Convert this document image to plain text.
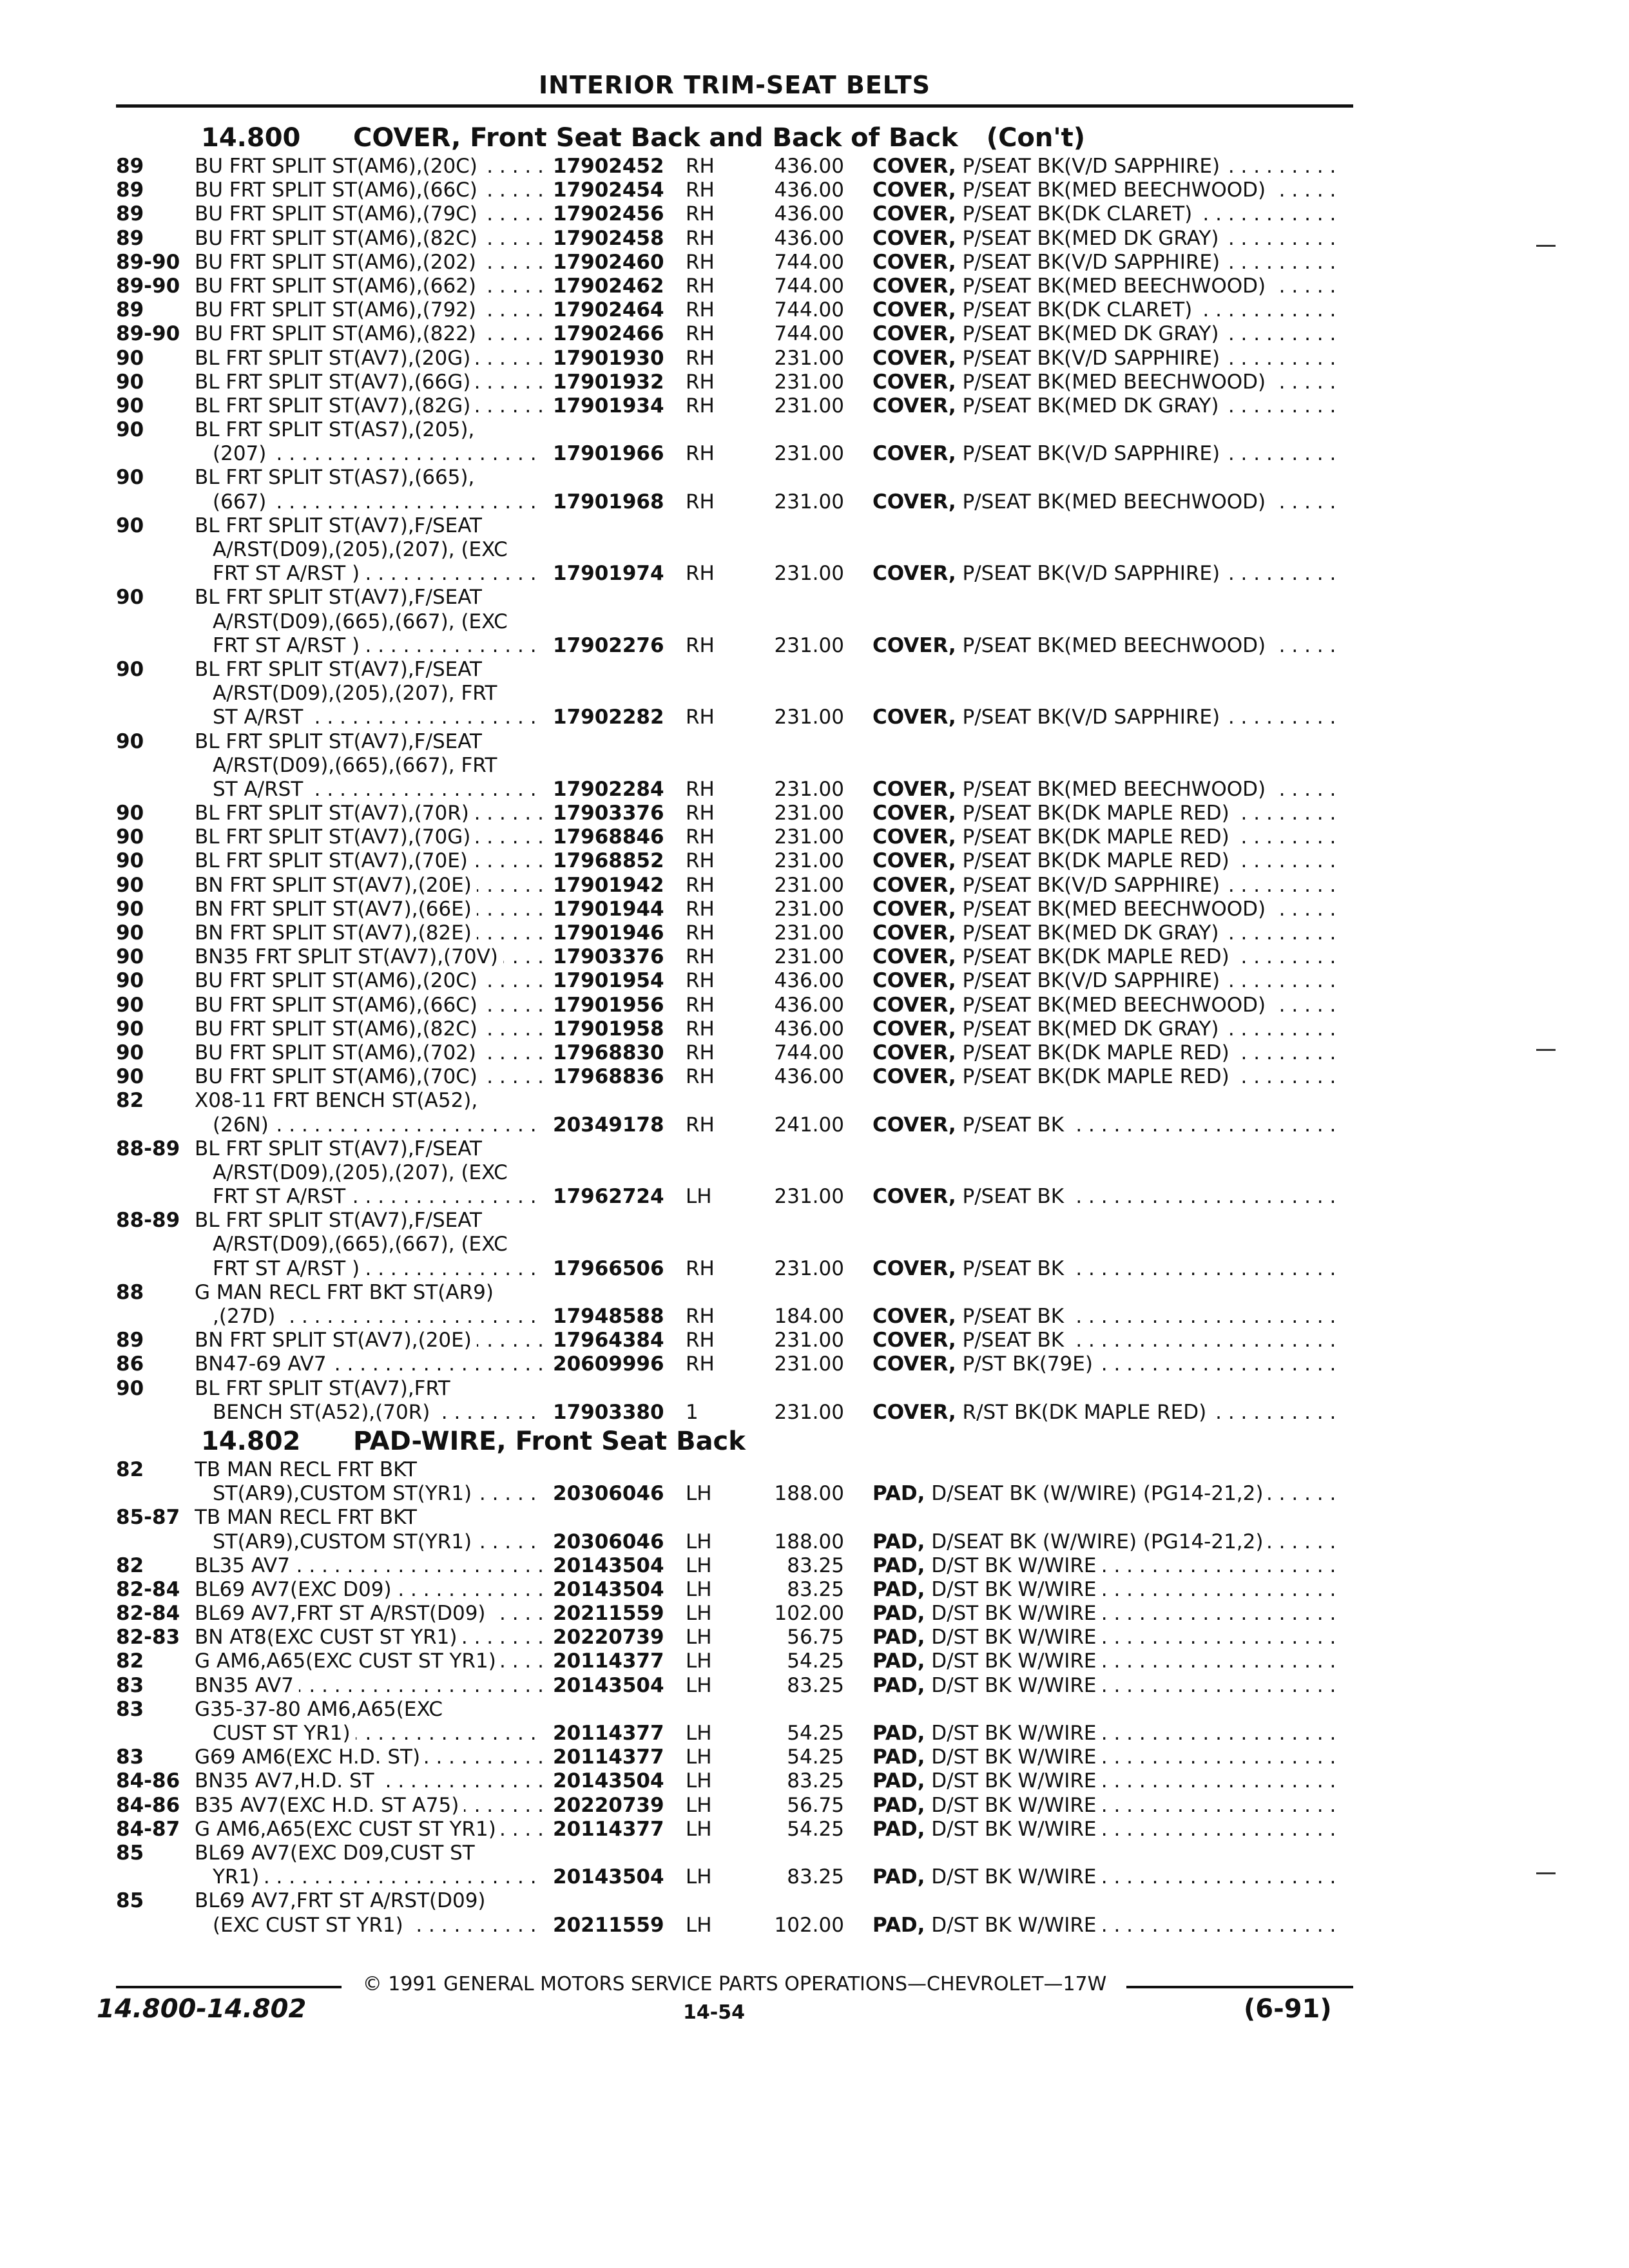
INTERIOR TRIM-SEAT BELTS
14.800 COVER, Front Seat Back and Back of Back (Con't)
89	BU FRT SPLIT ST(AM6),(20C) . . .	17902452	RH	436.00 COVER, P/SEAT BK(V/D SAPPHIRE) . . .
89	BU FRT SPLIT ST(AM6),(66C) . . .	17902454	RH	436.00 COVER, P/SEAT BK(MED BEECHWOOD) . . .
89	BU FRT SPLIT ST(AM6),(79C) . . .	17902456	RH	436.00 COVER, P/SEAT BK(DK CLARET) . . .
89	BU FRT SPLIT ST(AM6),(82C) . . .	17902458	RH	436.00 COVER, P/SEAT BK(MED DK GRAY) . . .
89-90 BU FRT SPLIT ST(AM6),(202) . . .	17902460	RH	744.00 COVER, P/SEAT BK(V/D SAPPHIRE) . . .
89-90 BU FRT SPLIT ST(AM6),(662) . . .	17902462	RH	744.00 COVER, P/SEAT BK(MED BEECHWOOD) . . .
89	BU FRT SPLIT ST(AM6),(792) . . .	17902464	RH	744.00 COVER, P/SEAT BK(DK CLARET) . . .
89-90 BU FRT SPLIT ST(AM6),(822) . . .	17902466	RH	744.00 COVER, P/SEAT BK(MED DK GRAY) . . .
90	BL FRT SPLIT ST(AV7),(20G) . . .	17901930	RH	231.00 COVER, P/SEAT BK(V/D SAPPHIRE) . . .
90	BL FRT SPLIT ST(AV7),(66G) . . .	17901932	RH	231.00 COVER, P/SEAT BK(MED BEECHWOOD) . . .
90	BL FRT SPLIT ST(AV7),(82G) . . .	17901934	RH	231.00 COVER, P/SEAT BK(MED DK GRAY) . . .
90	BL FRT SPLIT ST(AS7),(205),
(207) . . .	17901966	RH	231.00 COVER, P/SEAT BK(V/D SAPPHIRE) . . .
90	BL FRT SPLIT ST(AS7),(665),
(667) . . .	17901968	RH	231.00 COVER, P/SEAT BK(MED BEECHWOOD) . . .
90	BL FRT SPLIT ST(AV7),F/SEAT
A/RST(D09),(205),(207), (EXC
FRT ST A/RST ) . . .	17901974	RH	231.00 COVER, P/SEAT BK(V/D SAPPHIRE) . . .
90	BL FRT SPLIT ST(AV7),F/SEAT
A/RST(D09),(665),(667), (EXC
FRT ST A/RST ) . . .	17902276	RH	231.00 COVER, P/SEAT BK(MED BEECHWOOD) . . .
90	BL FRT SPLIT ST(AV7),F/SEAT
A/RST(D09),(205),(207), FRT
ST A/RST . . .	17902282	RH	231.00 COVER, P/SEAT BK(V/D SAPPHIRE) . . .
90	BL FRT SPLIT ST(AV7),F/SEAT
A/RST(D09),(665),(667), FRT
ST A/RST . . .	17902284	RH	231.00 COVER, P/SEAT BK(MED BEECHWOOD) . . .
90	BL FRT SPLIT ST(AV7),(70R) . . .	17903376	RH	231.00 COVER, P/SEAT BK(DK MAPLE RED) . . .
90	BL FRT SPLIT ST(AV7),(70G) . . .	17968846	RH	231.00 COVER, P/SEAT BK(DK MAPLE RED) . . .
90	BL FRT SPLIT ST(AV7),(70E) . . .	17968852	RH	231.00 COVER, P/SEAT BK(DK MAPLE RED) . . .
90	BN FRT SPLIT ST(AV7),(20E) . . .	17901942	RH	231.00 COVER, P/SEAT BK(V/D SAPPHIRE) . . .
90	BN FRT SPLIT ST(AV7),(66E) . . .	17901944	RH	231.00 COVER, P/SEAT BK(MED BEECHWOOD) . . .
90	BN FRT SPLIT ST(AV7),(82E) . . .	17901946	RH	231.00 COVER, P/SEAT BK(MED DK GRAY) . . .
90	BN35 FRT SPLIT ST(AV7),(70V) . . .	17903376	RH	231.00 COVER, P/SEAT BK(DK MAPLE RED) . . .
90	BU FRT SPLIT ST(AM6),(20C) . . .	17901954	RH	436.00 COVER, P/SEAT BK(V/D SAPPHIRE) . . .
90	BU FRT SPLIT ST(AM6),(66C) . . .	17901956	RH	436.00 COVER, P/SEAT BK(MED BEECHWOOD) . . .
90	BU FRT SPLIT ST(AM6),(82C) . . .	17901958	RH	436.00 COVER, P/SEAT BK(MED DK GRAY) . . .
90	BU FRT SPLIT ST(AM6),(702) . . .	17968830	RH	744.00 COVER, P/SEAT BK(DK MAPLE RED) . . .
90	BU FRT SPLIT ST(AM6),(70C) . . .	17968836	RH	436.00 COVER, P/SEAT BK(DK MAPLE RED) . . .
82	X08-11 FRT BENCH ST(A52),
(26N) . . .	20349178	RH	241.00 COVER, P/SEAT BK . . .
88-89 BL FRT SPLIT ST(AV7),F/SEAT
A/RST(D09),(205),(207), (EXC
FRT ST A/RST . . .	17962724	LH	231.00 COVER, P/SEAT BK . . .
88-89 BL FRT SPLIT ST(AV7),F/SEAT
A/RST(D09),(665),(667), (EXC
FRT ST A/RST ) . . .	17966506	RH	231.00 COVER, P/SEAT BK . . .
88	G MAN RECL FRT BKT ST(AR9)
,(27D) . . .	17948588	RH	184.00 COVER, P/SEAT BK . . .
89	BN FRT SPLIT ST(AV7),(20E) . . .	17964384	RH	231.00 COVER, P/SEAT BK . . .
86	BN47-69 AV7 . . .	20609996	RH	231.00 COVER, P/ST BK(79E) . . .
90	BL FRT SPLIT ST(AV7),FRT
BENCH ST(A52),(70R) . . .	17903380	1	231.00 COVER, R/ST BK(DK MAPLE RED) . . .
14.802 PAD-WIRE, Front Seat Back
82	TB MAN RECL FRT BKT
ST(AR9),CUSTOM ST(YR1) . . .	20306046	LH	188.00 PAD, D/SEAT BK (W/WIRE) (PG14-21,2) . . .
85-87 TB MAN RECL FRT BKT
ST(AR9),CUSTOM ST(YR1) . . .	20306046	LH	188.00 PAD, D/SEAT BK (W/WIRE) (PG14-21,2) . . .
82	BL35 AV7 . . .	20143504	LH	83.25 PAD, D/ST BK W/WIRE . . .
82-84 BL69 AV7(EXC D09) . . .	20143504	LH	83.25 PAD, D/ST BK W/WIRE . . .
82-84 BL69 AV7,FRT ST A/RST(D09) . . .	20211559	LH	102.00 PAD, D/ST BK W/WIRE . . .
82-83 BN AT8(EXC CUST ST YR1) . . .	20220739	LH	56.75 PAD, D/ST BK W/WIRE . . .
82	G AM6,A65(EXC CUST ST YR1) . . .	20114377	LH	54.25 PAD, D/ST BK W/WIRE . . .
83	BN35 AV7 . . .	20143504	LH	83.25 PAD, D/ST BK W/WIRE . . .
83	G35-37-80 AM6,A65(EXC
CUST ST YR1) . . .	20114377	LH	54.25 PAD, D/ST BK W/WIRE . . .
83	G69 AM6(EXC H.D. ST) . . .	20114377	LH	54.25 PAD, D/ST BK W/WIRE . . .
84-86 BN35 AV7,H.D. ST . . .	20143504	LH	83.25 PAD, D/ST BK W/WIRE . . .
84-86 B35 AV7(EXC H.D. ST A75) . . .	20220739	LH	56.75 PAD, D/ST BK W/WIRE . . .
84-87 G AM6,A65(EXC CUST ST YR1) . . .	20114377	LH	54.25 PAD, D/ST BK W/WIRE . . .
85	BL69 AV7(EXC D09,CUST ST
YR1) . . .	20143504	LH	83.25 PAD, D/ST BK W/WIRE . . .
85	BL69 AV7,FRT ST A/RST(D09)
(EXC CUST ST YR1) . . .	20211559	LH	102.00 PAD, D/ST BK W/WIRE . . .
© 1991 GENERAL MOTORS SERVICE PARTS OPERATIONS—CHEVROLET—17W
14.800-14.802	14-54	(6-91)
